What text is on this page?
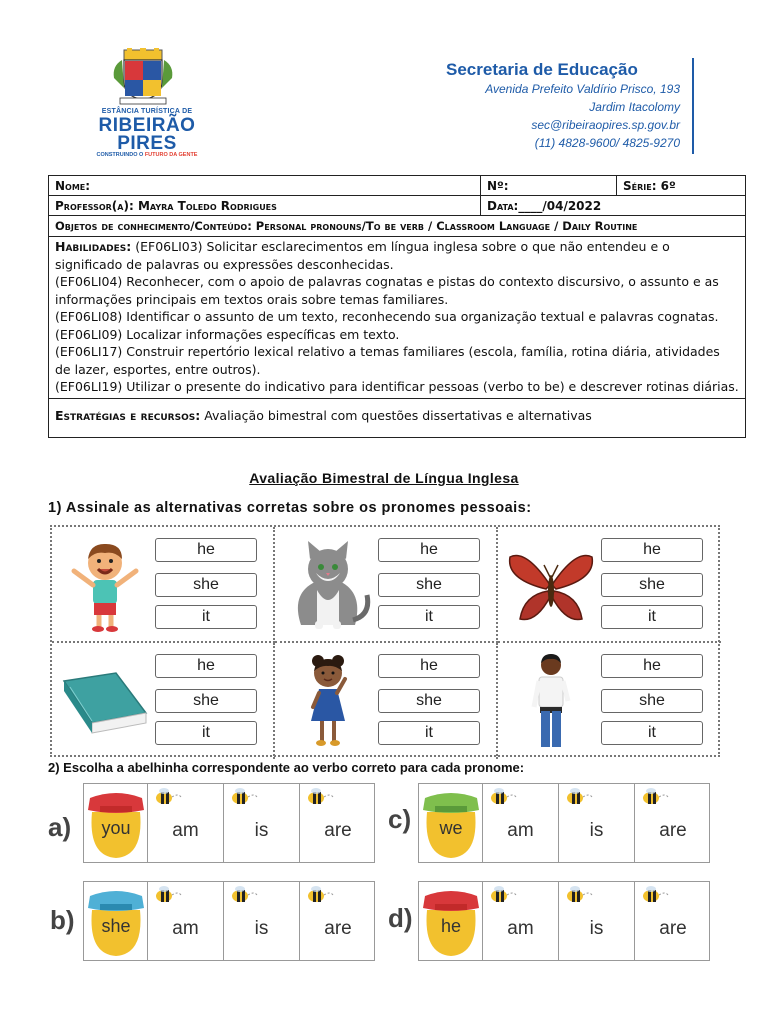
ESTÂNCIA TURÍSTICA DE
RIBEIRÃO
PIRES
CONSTRUINDO O FUTURO DA GENTE
Secretaria de Educação
Avenida Prefeito Valdírio Prisco, 193
Jardim Itacolomy
sec@ribeiraopires.sp.gov.br
(11) 4828-9600/ 4825-9270
Nome:	Nº:	Série: 6º
Professor(a): Mayra Toledo Rodrigues	Data:____/04/2022
Objetos de conhecimento/Conteúdo: Personal pronouns/To be verb / Classroom Language / Daily Routine
Habilidades: (EF06LI03) Solicitar esclarecimentos em língua inglesa sobre o que não entendeu e o significado de palavras ou expressões desconhecidas.
(EF06LI04) Reconhecer, com o apoio de palavras cognatas e pistas do contexto discursivo, o assunto e as informações principais em textos orais sobre temas familiares.
(EF06LI08) Identificar o assunto de um texto, reconhecendo sua organização textual e palavras cognatas.
(EF06LI09) Localizar informações específicas em texto.
(EF06LI17) Construir repertório lexical relativo a temas familiares (escola, família, rotina diária, atividades de lazer, esportes, entre outros).
(EF06LI19) Utilizar o presente do indicativo para identificar pessoas (verbo to be) e descrever rotinas diárias.
Estratégias e recursos: Avaliação bimestral com questões dissertativas e alternativas
Avaliação Bimestral de Língua Inglesa
1) Assinale as alternativas corretas sobre os pronomes pessoais:
he
she
it
he
she
it
he
she
it
he
she
it
he
she
it
he
she
it
2) Escolha a abelhinha correspondente ao verbo correto para cada pronome:
a)	c)
b)	d)
you	am	is	are	we	am	is	are
she	am	is	are	he	am	is	are
